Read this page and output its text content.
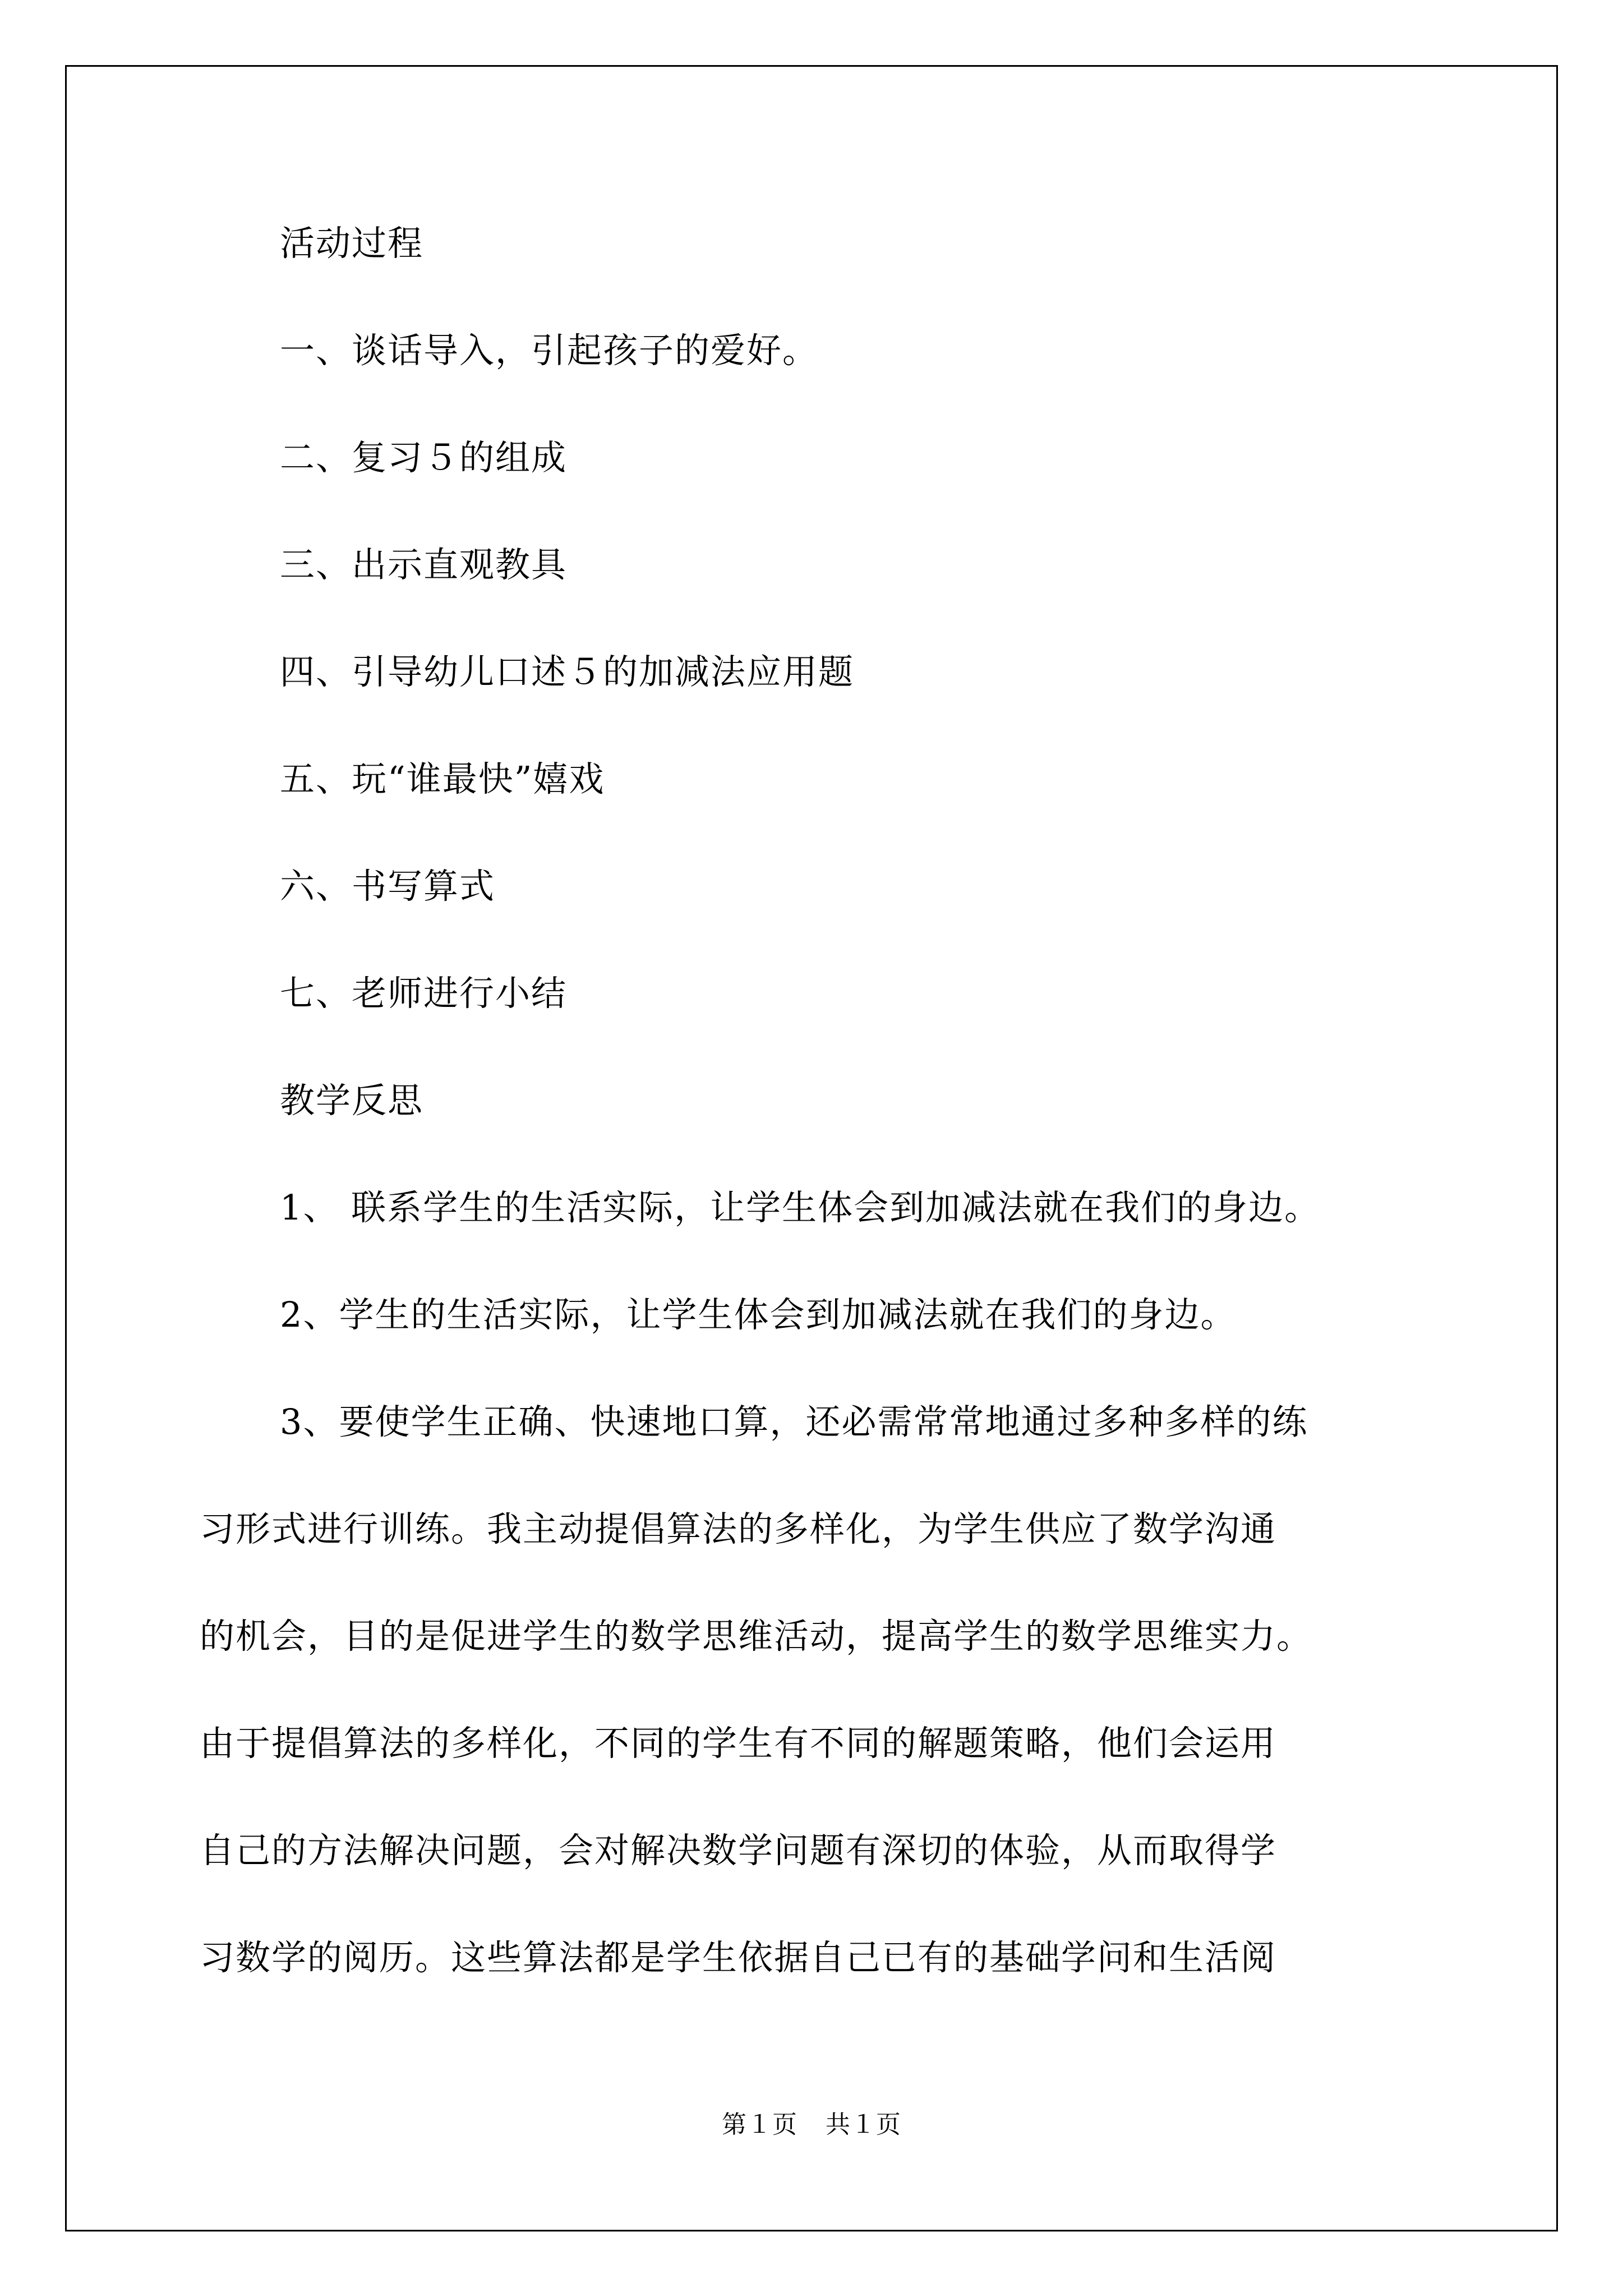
活动过程

一、谈话导入，引起孩子的爱好。

二、复习５的组成

三、出示直观教具

四、引导幼儿口述５的加减法应用题

五、玩“谁最快”嬉戏

六、书写算式

七、老师进行小结

教学反思

1、 联系学生的生活实际，让学生体会到加减法就在我们的身边。

2、学生的生活实际，让学生体会到加减法就在我们的身边。

3、要使学生正确、快速地口算，还必需常常地通过多种多样的练

习形式进行训练。我主动提倡算法的多样化，为学生供应了数学沟通

的机会，目的是促进学生的数学思维活动，提高学生的数学思维实力。

由于提倡算法的多样化，不同的学生有不同的解题策略，他们会运用

自己的方法解决问题，会对解决数学问题有深切的体验，从而取得学

习数学的阅历。这些算法都是学生依据自己已有的基础学问和生活阅

第１页 共１页
